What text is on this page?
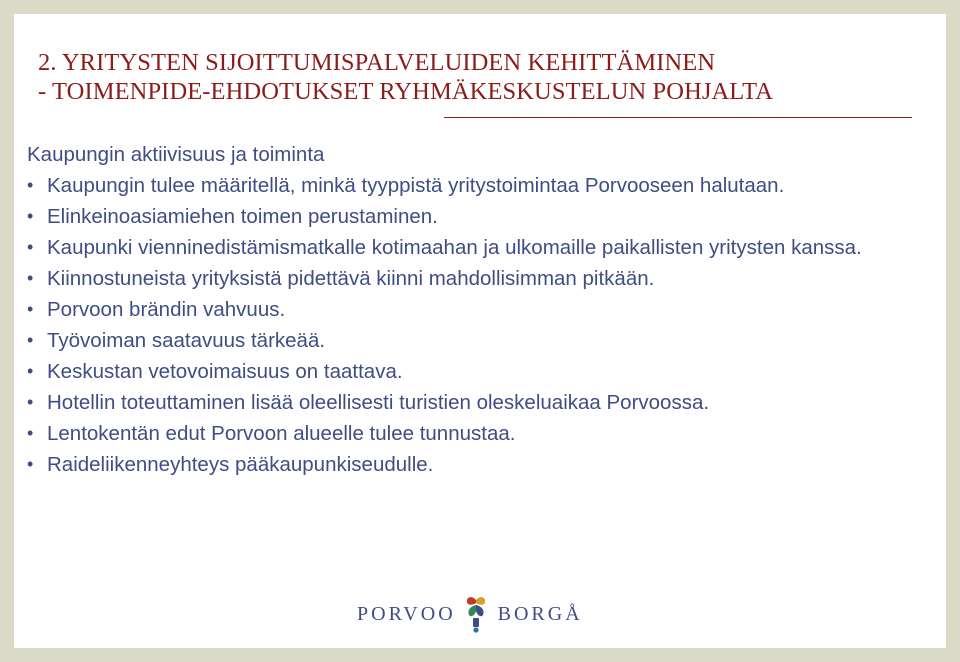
2. YRITYSTEN SIJOITTUMISPALVELUIDEN KEHITTÄMINEN
- TOIMENPIDE-EHDOTUKSET RYHMÄKESKUSTELUN POHJALTA

Kaupungin aktiivisuus ja toiminta

• Kaupungin tulee määritellä, minkä tyyppistä yritystoimintaa Porvooseen halutaan.
• Elinkeinoasiamiehen toimen perustaminen.
• Kaupunki vienninedistämismatkalle kotimaahan ja ulkomaille paikallisten yritysten kanssa.
• Kiinnostuneista yrityksistä pidettävä kiinni mahdollisimman pitkään.
• Porvoon brändin vahvuus.
• Työvoiman saatavuus tärkeää.
• Keskustan vetovoimaisuus on taattava.
• Hotellin toteuttaminen lisää oleellisesti turistien oleskeluaikaa Porvoossa.
• Lentokentän edut Porvoon alueelle tulee tunnustaa.
• Raideliikenneyhteys pääkaupunkiseudulle.
PORVOO BORGÅ
